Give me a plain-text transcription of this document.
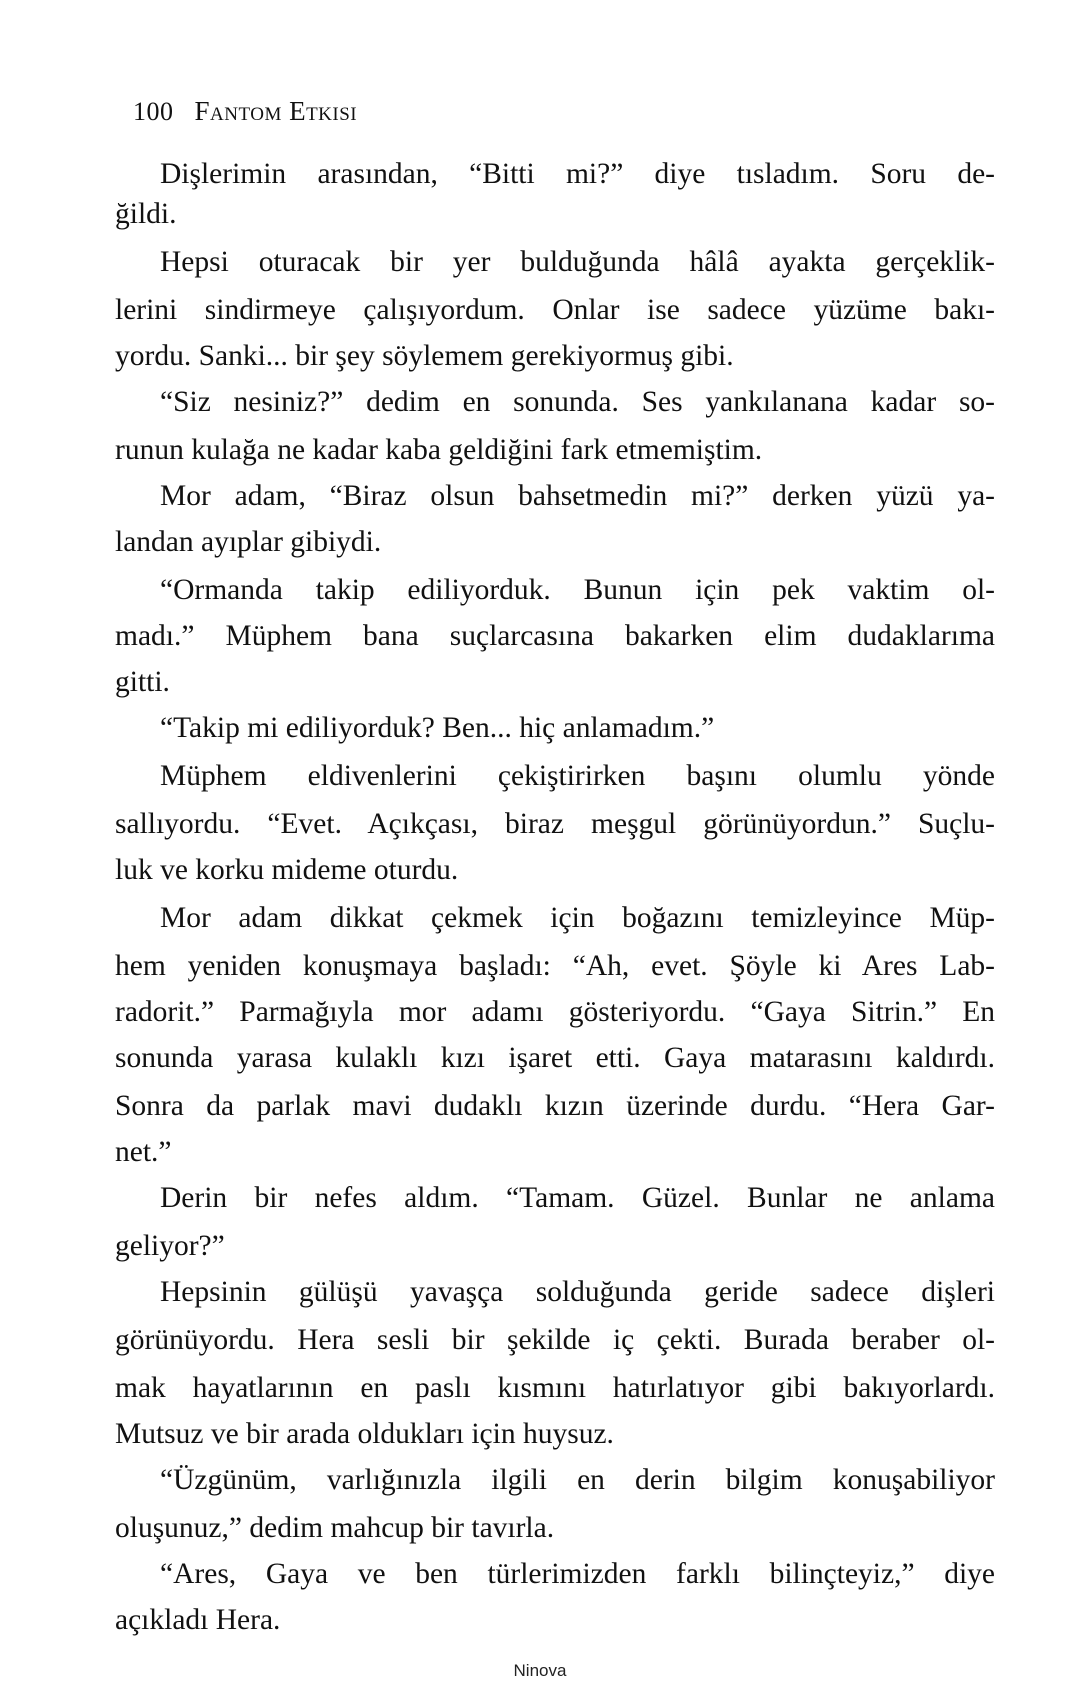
100 Fantom Etkisi
Dişlerimin arasından, “Bitti mi?” diye tısladım. Soru de-
ğildi.
Hepsi oturacak bir yer bulduğunda hâlâ ayakta gerçeklik-
lerini sindirmeye çalışıyordum. Onlar ise sadece yüzüme bakı-
yordu. Sanki... bir şey söylemem gerekiyormuş gibi.
“Siz nesiniz?” dedim en sonunda. Ses yankılanana kadar so-
runun kulağa ne kadar kaba geldiğini fark etmemiştim.
Mor adam, “Biraz olsun bahsetmedin mi?” derken yüzü ya-
landan ayıplar gibiydi.
“Ormanda takip ediliyorduk. Bunun için pek vaktim ol-
madı.” Müphem bana suçlarcasına bakarken elim dudaklarıma
gitti.
“Takip mi ediliyorduk? Ben... hiç anlamadım.”
Müphem eldivenlerini çekiştirirken başını olumlu yönde
sallıyordu. “Evet. Açıkçası, biraz meşgul görünüyordun.” Suçlu-
luk ve korku mideme oturdu.
Mor adam dikkat çekmek için boğazını temizleyince Müp-
hem yeniden konuşmaya başladı: “Ah, evet. Şöyle ki Ares Lab-
radorit.” Parmağıyla mor adamı gösteriyordu. “Gaya Sitrin.” En
sonunda yarasa kulaklı kızı işaret etti. Gaya matarasını kaldırdı.
Sonra da parlak mavi dudaklı kızın üzerinde durdu. “Hera Gar-
net.”
Derin bir nefes aldım. “Tamam. Güzel. Bunlar ne anlama
geliyor?”
Hepsinin gülüşü yavaşça solduğunda geride sadece dişleri
görünüyordu. Hera sesli bir şekilde iç çekti. Burada beraber ol-
mak hayatlarının en paslı kısmını hatırlatıyor gibi bakıyorlardı.
Mutsuz ve bir arada oldukları için huysuz.
“Üzgünüm, varlığınızla ilgili en derin bilgim konuşabiliyor
oluşunuz,” dedim mahcup bir tavırla.
“Ares, Gaya ve ben türlerimizden farklı bilinçteyiz,” diye
açıkladı Hera.
Ninova
